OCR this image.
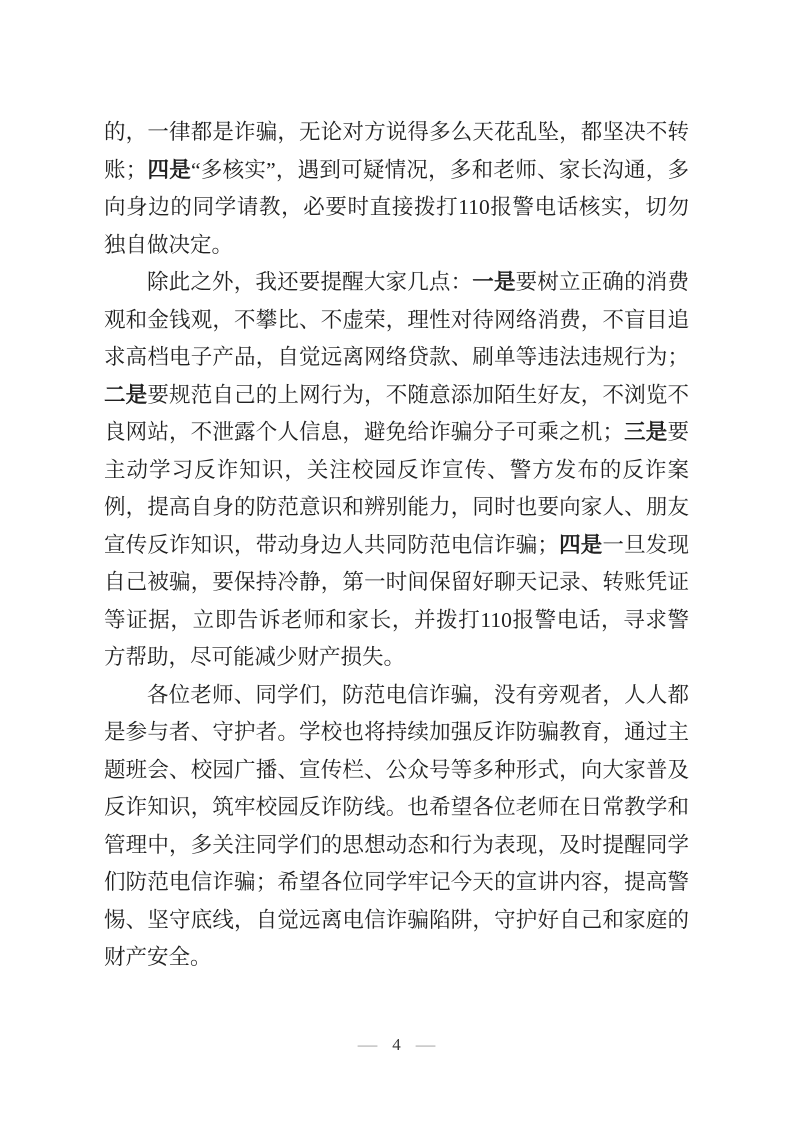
的，一律都是诈骗，无论对方说得多么天花乱坠，都坚决不转账；四是“多核实”，遇到可疑情况，多和老师、家长沟通，多向身边的同学请教，必要时直接拨打110报警电话核实，切勿独自做决定。

除此之外，我还要提醒大家几点：一是要树立正确的消费观和金钱观，不攀比、不虚荣，理性对待网络消费，不盲目追求高档电子产品，自觉远离网络贷款、刷单等违法违规行为；二是要规范自己的上网行为，不随意添加陌生好友，不浏览不良网站，不泄露个人信息，避免给诈骗分子可乘之机；三是要主动学习反诈知识，关注校园反诈宣传、警方发布的反诈案例，提高自身的防范意识和辨别能力，同时也要向家人、朋友宣传反诈知识，带动身边人共同防范电信诈骗；四是一旦发现自己被骗，要保持冷静，第一时间保留好聊天记录、转账凭证等证据，立即告诉老师和家长，并拨打110报警电话，寻求警方帮助，尽可能减少财产损失。

各位老师、同学们，防范电信诈骗，没有旁观者，人人都是参与者、守护者。学校也将持续加强反诈防骗教育，通过主题班会、校园广播、宣传栏、公众号等多种形式，向大家普及反诈知识，筑牢校园反诈防线。也希望各位老师在日常教学和管理中，多关注同学们的思想动态和行为表现，及时提醒同学们防范电信诈骗；希望各位同学牢记今天的宣讲内容，提高警惕、坚守底线，自觉远离电信诈骗陷阱，守护好自己和家庭的财产安全。

— 4 —
